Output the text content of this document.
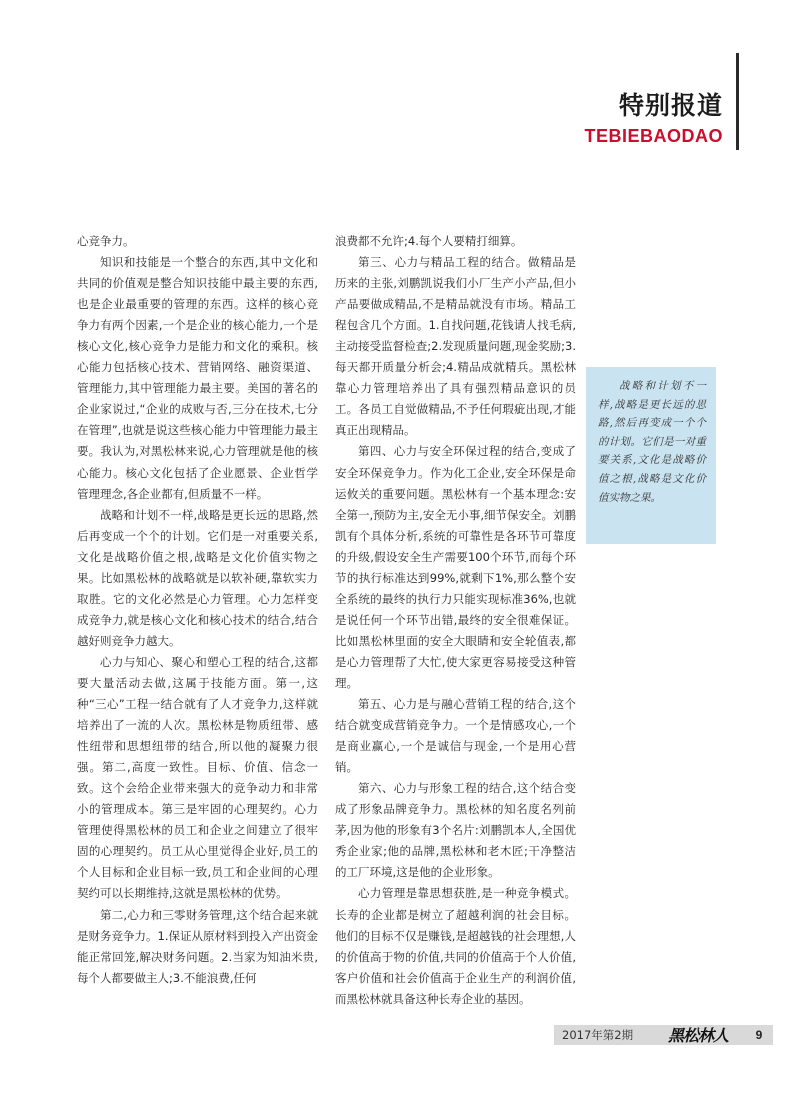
特别报道
TEBIEBAODAO

心竞争力。

知识和技能是一个整合的东西,其中文化和共同的价值观是整合知识技能中最主要的东西,也是企业最重要的管理的东西。这样的核心竞争力有两个因素,一个是企业的核心能力,一个是核心文化,核心竞争力是能力和文化的乘积。核心能力包括核心技术、营销网络、融资渠道、管理能力,其中管理能力最主要。美国的著名的企业家说过,“企业的成败与否,三分在技术,七分在管理”,也就是说这些核心能力中管理能力最主要。我认为,对黑松林来说,心力管理就是他的核心能力。核心文化包括了企业愿景、企业哲学管理理念,各企业都有,但质量不一样。

战略和计划不一样,战略是更长远的思路,然后再变成一个个的计划。它们是一对重要关系,文化是战略价值之根,战略是文化价值实物之果。比如黑松林的战略就是以软补硬,靠软实力取胜。它的文化必然是心力管理。心力怎样变成竞争力,就是核心文化和核心技术的结合,结合越好则竞争力越大。

心力与知心、聚心和塑心工程的结合,这都要大量活动去做,这属于技能方面。第一,这种“三心”工程一结合就有了人才竞争力,这样就培养出了一流的人次。黑松林是物质纽带、感性纽带和思想纽带的结合,所以他的凝聚力很强。第二,高度一致性。目标、价值、信念一致。这个会给企业带来强大的竞争动力和非常小的管理成本。第三是牢固的心理契约。心力管理使得黑松林的员工和企业之间建立了很牢固的心理契约。员工从心里觉得企业好,员工的个人目标和企业目标一致,员工和企业间的心理契约可以长期维持,这就是黑松林的优势。

第二,心力和三零财务管理,这个结合起来就是财务竞争力。1.保证从原材料到投入产出资金能正常回笼,解决财务问题。2.当家为知油米贵,每个人都要做主人;3.不能浪费,任何

浪费都不允许;4.每个人要精打细算。

第三、心力与精品工程的结合。做精品是历来的主张,刘鹏凯说我们小厂生产小产品,但小产品要做成精品,不是精品就没有市场。精品工程包含几个方面。1.自找问题,花钱请人找毛病,主动接受监督检查;2.发现质量问题,现金奖励;3.每天都开质量分析会;4.精品成就精兵。黑松林靠心力管理培养出了具有强烈精品意识的员工。各员工自觉做精品,不予任何瑕疵出现,才能真正出现精品。

第四、心力与安全环保过程的结合,变成了安全环保竞争力。作为化工企业,安全环保是命运攸关的重要问题。黑松林有一个基本理念:安全第一,预防为主,安全无小事,细节保安全。刘鹏凯有个具体分析,系统的可靠性是各环节可靠度的升级,假设安全生产需要100个环节,而每个环节的执行标准达到99%,就剩下1%,那么整个安全系统的最终的执行力只能实现标准36%,也就是说任何一个环节出错,最终的安全很难保证。比如黑松林里面的安全大眼睛和安全轮值表,都是心力管理帮了大忙,使大家更容易接受这种管理。

第五、心力是与融心营销工程的结合,这个结合就变成营销竞争力。一个是情感攻心,一个是商业赢心,一个是诚信与现金,一个是用心营销。

第六、心力与形象工程的结合,这个结合变成了形象品牌竞争力。黑松林的知名度名列前茅,因为他的形象有3个名片:刘鹏凯本人,全国优秀企业家;他的品牌,黑松林和老木匠;干净整洁的工厂环境,这是他的企业形象。

心力管理是靠思想获胜,是一种竞争模式。长寿的企业都是树立了超越利润的社会目标。他们的目标不仅是赚钱,是超越钱的社会理想,人的价值高于物的价值,共同的价值高于个人价值,客户价值和社会价值高于企业生产的利润价值,而黑松林就具备这种长寿企业的基因。

战略和计划不一样,战略是更长远的思路,然后再变成一个个的计划。它们是一对重要关系,文化是战略价值之根,战略是文化价值实物之果。
2017年第2期 黑松林人	9
